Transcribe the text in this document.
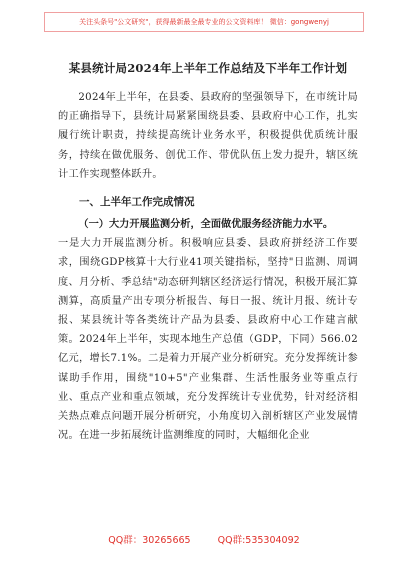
关注头条号"公文研究"，获得最新最全最专业的公文资料库！ 微信：gongwenyj
某县统计局2024年上半年工作总结及下半年工作计划

2024年上半年，在县委、县政府的坚强领导下，在市统计局的正确指导下，县统计局紧紧围绕县委、县政府中心工作，扎实履行统计职责，持续提高统计业务水平，积极提供优质统计服务，持续在做优服务、创优工作、带优队伍上发力提升，辖区统计工作实现整体跃升。

一、上半年工作完成情况
（一）大力开展监测分析，全面做优服务经济能力水平。

一是大力开展监测分析。积极响应县委、县政府拼经济工作要求，围绕GDP核算十大行业41项关键指标，坚持"日监测、周调度、月分析、季总结"动态研判辖区经济运行情况，积极开展汇算测算，高质量产出专项分析报告、每日一报、统计月报、统计专报、某县统计等各类统计产品为县委、县政府中心工作建言献策。2024年上半年，实现本地生产总值（GDP，下同）566.02亿元，增长7.1%。二是着力开展产业分析研究。充分发挥统计参谋助手作用，围绕"10+5"产业集群、生活性服务业等重点行业、重点产业和重点领域，充分发挥统计专业优势，针对经济相关热点难点问题开展分析研究，小角度切入剖析辖区产业发展情况。在进一步拓展统计监测维度的同时，大幅细化企业

QQ群：30265665	QQ群:535304092
